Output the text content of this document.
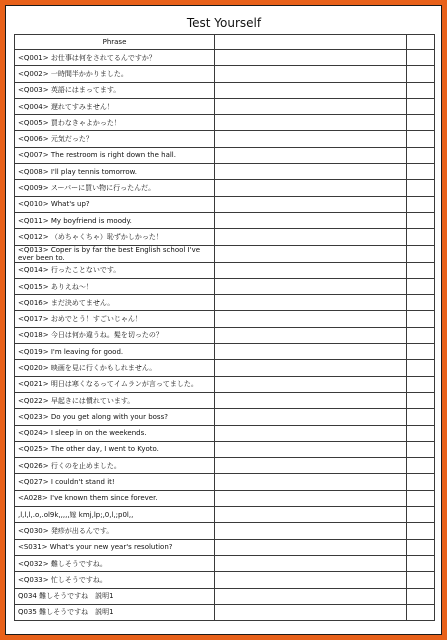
Test Yourself
Phrase		
<Q001> お仕事は何をされてるんですか？		
<Q002> 一時間半かかりました。		
<Q003> 英語にはまってます。		
<Q004> 遅れてすみません！		
<Q005> 買わなきゃよかった！		
<Q006> 元気だった？		
<Q007> The restroom is right down the hall.		
<Q008> I'll play tennis tomorrow.		
<Q009> スーパーに買い物に行ったんだ。		
<Q010> What's up?		
<Q011> My boyfriend is moody.		
<Q012> （めちゃくちゃ）恥ずかしかった！		
<Q013> Coper is by far the best English school I've ever been to.		
<Q014> 行ったことないです。		
<Q015> ありえね～！		
<Q016> まだ決めてません。		
<Q017> おめでとう！すごいじゃん！		
<Q018> 今日は何か違うね。髪を切ったの？		
<Q019> I'm leaving for good.		
<Q020> 映画を見に行くかもしれません。		
<Q021> 明日は寒くなるってイムランが言ってました。		
<Q022> 早起きには慣れています。		
<Q023> Do you get along with your boss?		
<Q024> I sleep in on the weekends.		
<Q025> The other day, I went to Kyoto.		
<Q026> 行くのを止めました。		
<Q027> I couldn't stand it!		
<A028> I've known them since forever.		
,l,l,l,.o,.ol9k,,,,,嫁 kmj,lp;,0,l,;p0l,,		
<Q030> 発疹が出るんです。		
<S031> What's your new year's resolution?		
<Q032> 難しそうですね。		
<Q033> 忙しそうですね。		
Q034 難しそうですね　説明1		
Q035 難しそうですね　説明1		
